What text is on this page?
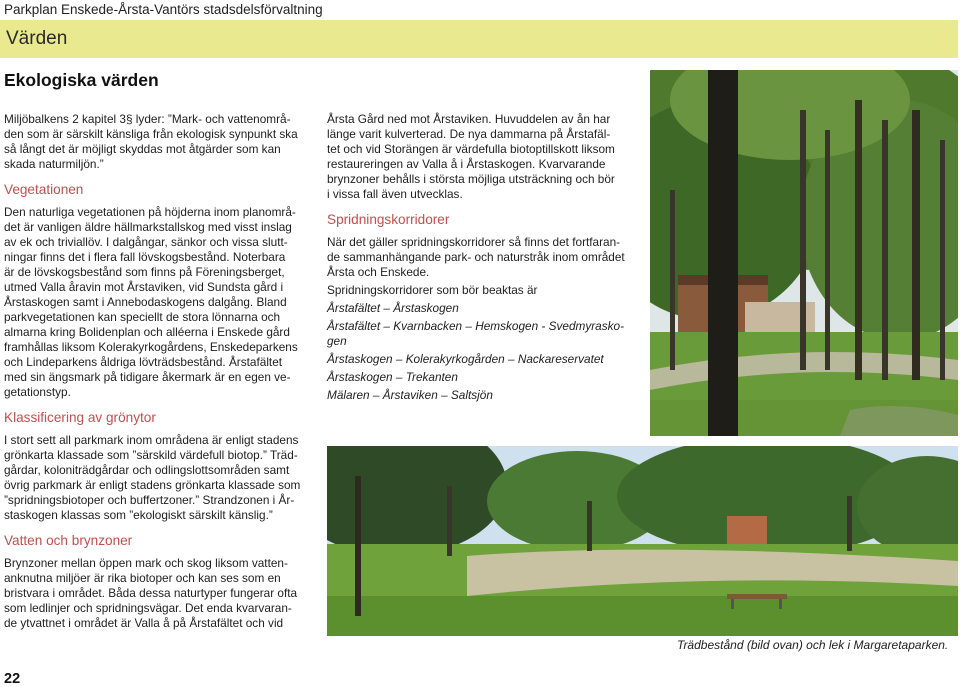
Parkplan Enskede-Årsta-Vantörs stadsdelsförvaltning
Värden
Ekologiska värden

Miljöbalkens 2 kapitel 3§ lyder: ”Mark- och vattenområ-

den som är särskilt känsliga från ekologisk synpunkt ska

så långt det är möjligt skyddas mot åtgärder som kan

skada naturmiljön.”

Vegetationen

Den naturliga vegetationen på höjderna inom planområ-

det är vanligen äldre hällmarkstallskog med visst inslag

av ek och triviallöv. I dalgångar, sänkor och vissa slutt-

ningar finns det i flera fall lövskogsbestånd. Noterbara

är de lövskogsbestånd som finns på Föreningsberget,

utmed Valla åravin mot Årstaviken, vid Sundsta gård i

Årstaskogen samt i Annebodaskogens dalgång. Bland

parkvegetationen kan speciellt de stora lönnarna och

almarna kring Bolidenplan och alléerna i Enskede gård

framhållas liksom Kolerakyrkogårdens, Enskedeparkens

och Lindeparkens åldriga lövträdsbestånd. Årstafältet

med sin ängsmark på tidigare åkermark är en egen ve-

getationstyp.

Klassificering av grönytor

I stort sett all parkmark inom områdena är enligt stadens

grönkarta klassade som ”särskild värdefull biotop.” Träd-

gårdar, koloniträdgårdar och odlingslottsområden samt

övrig parkmark är enligt stadens grönkarta klassade som

”spridningsbiotoper och buffertzoner.” Strandzonen i År-

staskogen klassas som ”ekologiskt särskilt känslig.”

Vatten och brynzoner

Brynzoner mellan öppen mark och skog liksom vatten-

anknutna miljöer är rika biotoper och kan ses som en

bristvara i området. Båda dessa naturtyper fungerar ofta

som ledlinjer och spridningsvägar. Det enda kvarvaran-

de ytvattnet i området är Valla å på Årstafältet och vid

Årsta Gård ned mot Årstaviken. Huvuddelen av ån har

länge varit kulverterad. De nya dammarna på Årstafäl-

tet och vid Storängen är värdefulla biotoptillskott liksom

restaureringen av Valla å i Årstaskogen. Kvarvarande

brynzoner behålls i största möjliga utsträckning och bör

i vissa fall även utvecklas.

Spridningskorridorer

När det gäller spridningskorridorer så finns det fortfaran-

de sammanhängande park- och naturstråk inom området

Årsta och Enskede.

Spridningskorridorer som bör beaktas är

Årstafältet – Årstaskogen

Årstafältet – Kvarnbacken – Hemskogen - Svedmyrasko-

gen

Årstaskogen – Kolerakyrkogården – Nackareservatet

Årstaskogen – Trekanten

Mälaren – Årstaviken – Saltsjön

Trädbestånd (bild ovan) och lek i Margaretaparken.
22
